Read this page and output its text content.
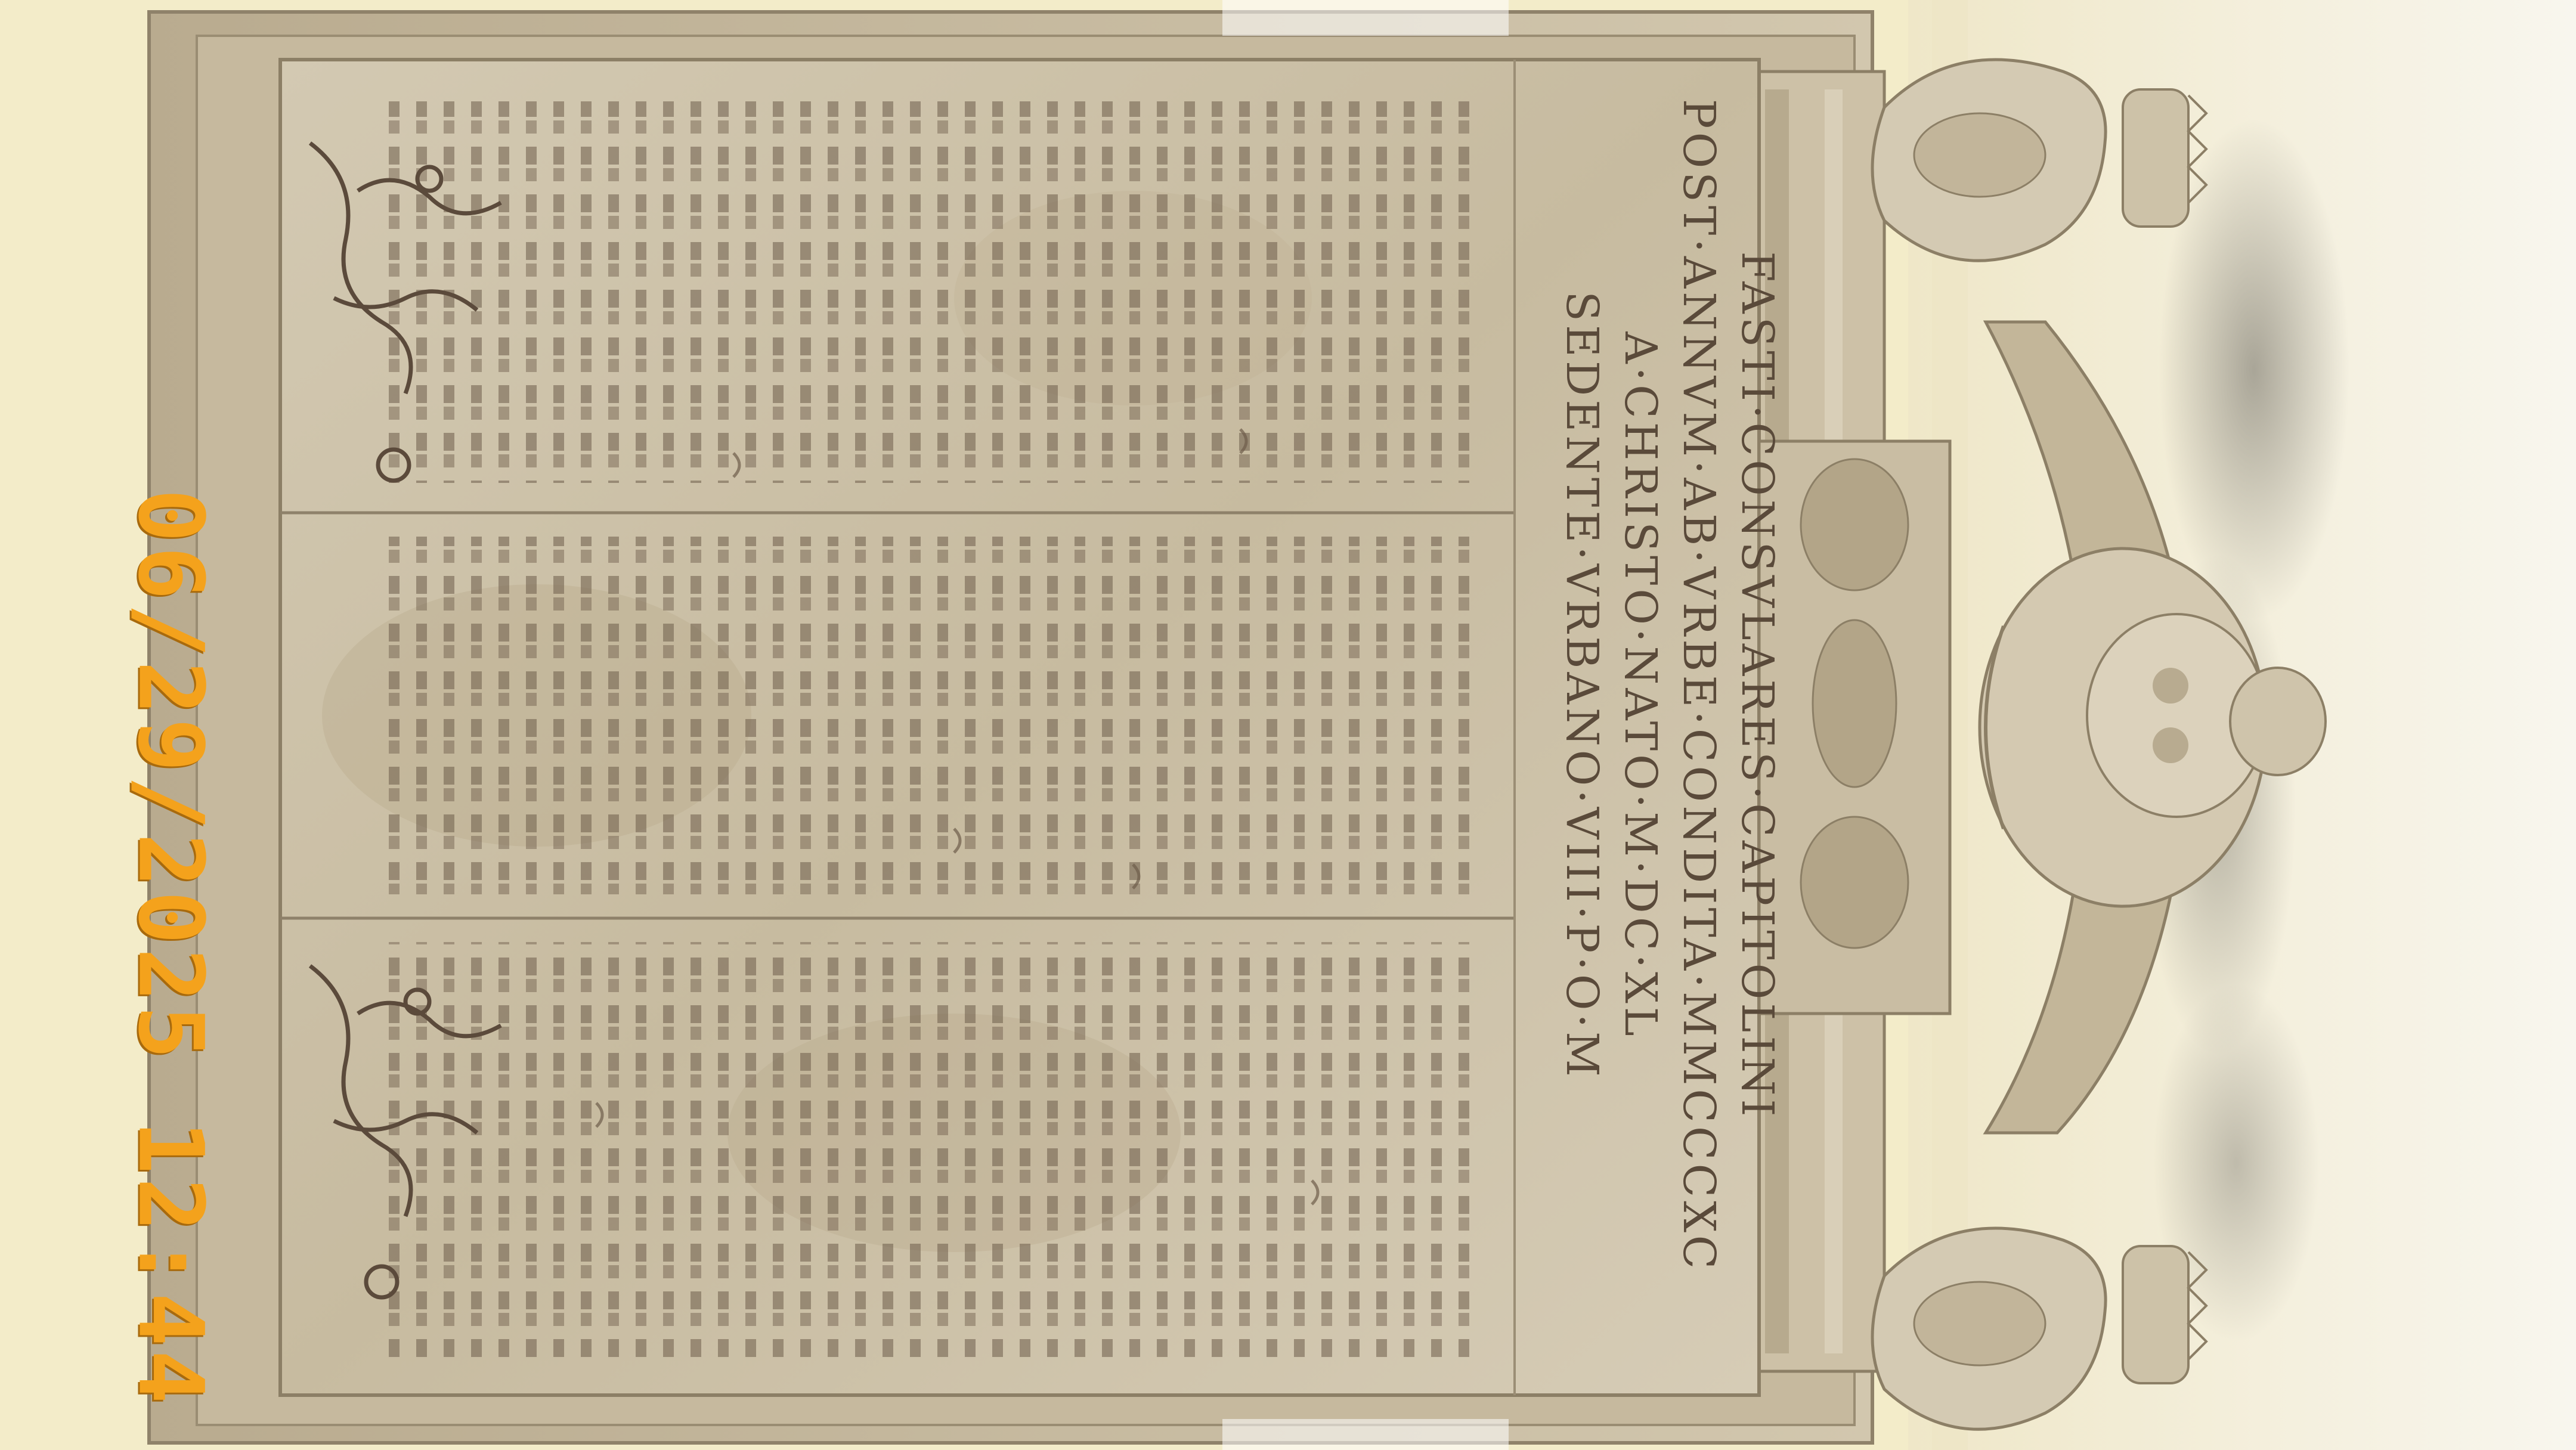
FASTI·CONSVLARES·CAPITOLINI
POST·ANNVM·AB·VRBE·CONDITA·MMCCCXC
A·CHRISTO·NATO·M·DC·XL
SEDENTE·VRBANO·VIII·P·O·M
06/29/2025 12:44
